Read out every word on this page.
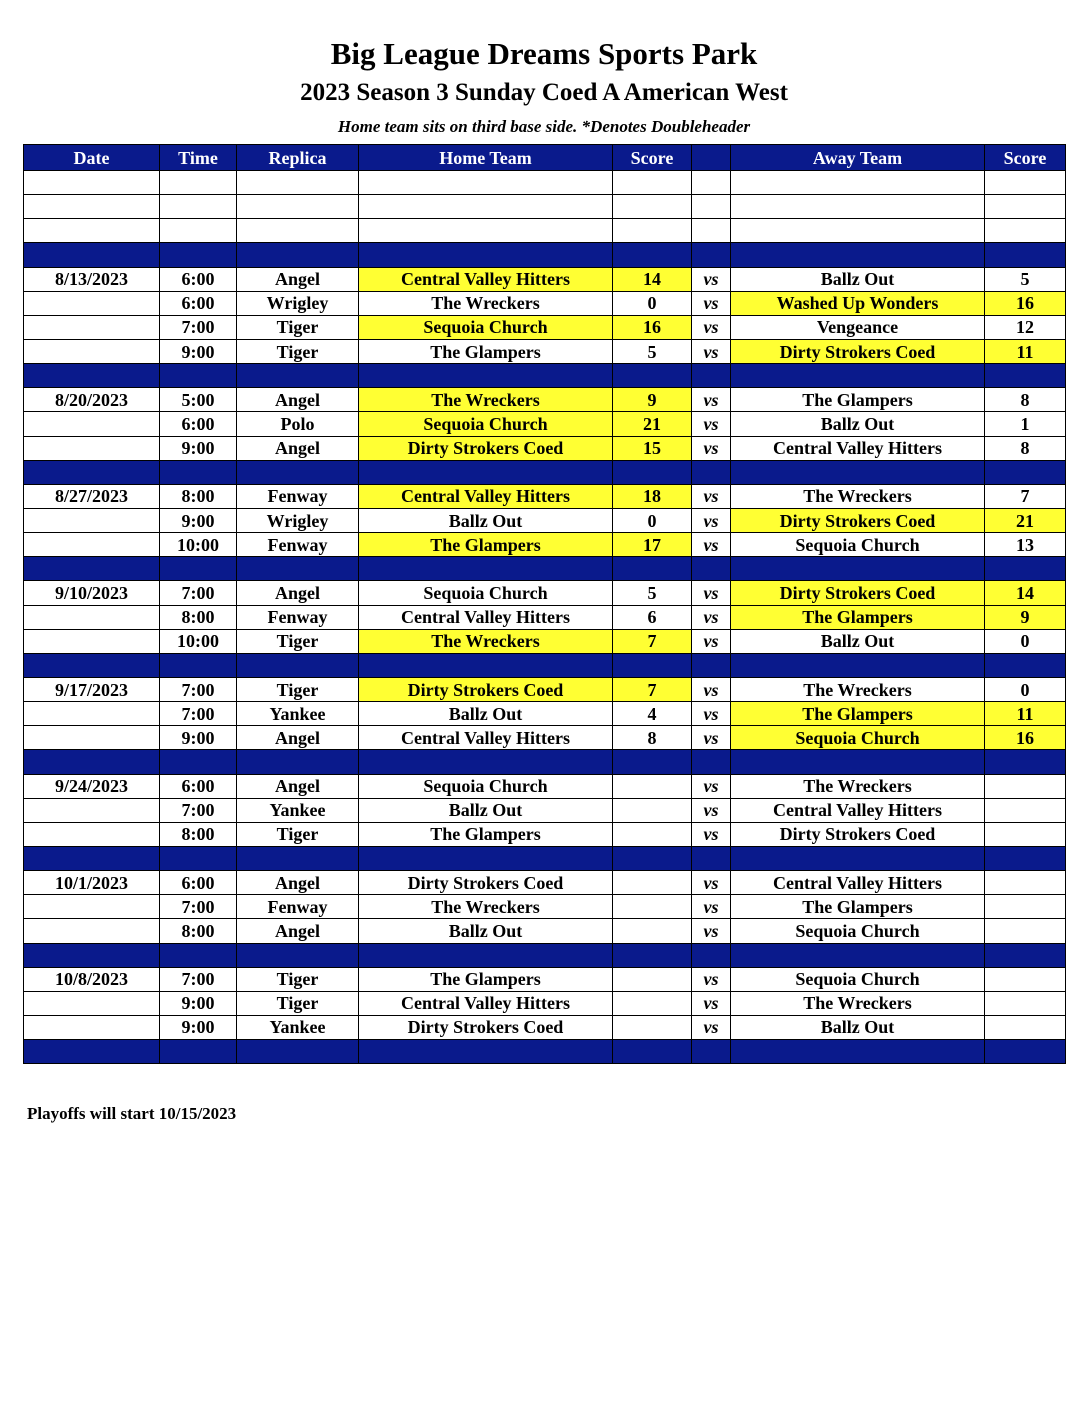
Big League Dreams Sports Park
2023 Season 3 Sunday Coed A American West
Home team sits on third base side. *Denotes Doubleheader
Date	Time	Replica	Home Team	Score		Away Team	Score

8/13/2023	6:00	Angel	Central Valley Hitters	14	vs	Ballz Out	5
	6:00	Wrigley	The Wreckers	0	vs	Washed Up Wonders	16
	7:00	Tiger	Sequoia Church	16	vs	Vengeance	12
	9:00	Tiger	The Glampers	5	vs	Dirty Strokers Coed	11

8/20/2023	5:00	Angel	The Wreckers	9	vs	The Glampers	8
	6:00	Polo	Sequoia Church	21	vs	Ballz Out	1
	9:00	Angel	Dirty Strokers Coed	15	vs	Central Valley Hitters	8

8/27/2023	8:00	Fenway	Central Valley Hitters	18	vs	The Wreckers	7
	9:00	Wrigley	Ballz Out	0	vs	Dirty Strokers Coed	21
	10:00	Fenway	The Glampers	17	vs	Sequoia Church	13

9/10/2023	7:00	Angel	Sequoia Church	5	vs	Dirty Strokers Coed	14
	8:00	Fenway	Central Valley Hitters	6	vs	The Glampers	9
	10:00	Tiger	The Wreckers	7	vs	Ballz Out	0

9/17/2023	7:00	Tiger	Dirty Strokers Coed	7	vs	The Wreckers	0
	7:00	Yankee	Ballz Out	4	vs	The Glampers	11
	9:00	Angel	Central Valley Hitters	8	vs	Sequoia Church	16

9/24/2023	6:00	Angel	Sequoia Church		vs	The Wreckers	
	7:00	Yankee	Ballz Out		vs	Central Valley Hitters	
	8:00	Tiger	The Glampers		vs	Dirty Strokers Coed	

10/1/2023	6:00	Angel	Dirty Strokers Coed		vs	Central Valley Hitters	
	7:00	Fenway	The Wreckers		vs	The Glampers	
	8:00	Angel	Ballz Out		vs	Sequoia Church	

10/8/2023	7:00	Tiger	The Glampers		vs	Sequoia Church	
	9:00	Tiger	Central Valley Hitters		vs	The Wreckers	
	9:00	Yankee	Dirty Strokers Coed		vs	Ballz Out	

Playoffs will start 10/15/2023
